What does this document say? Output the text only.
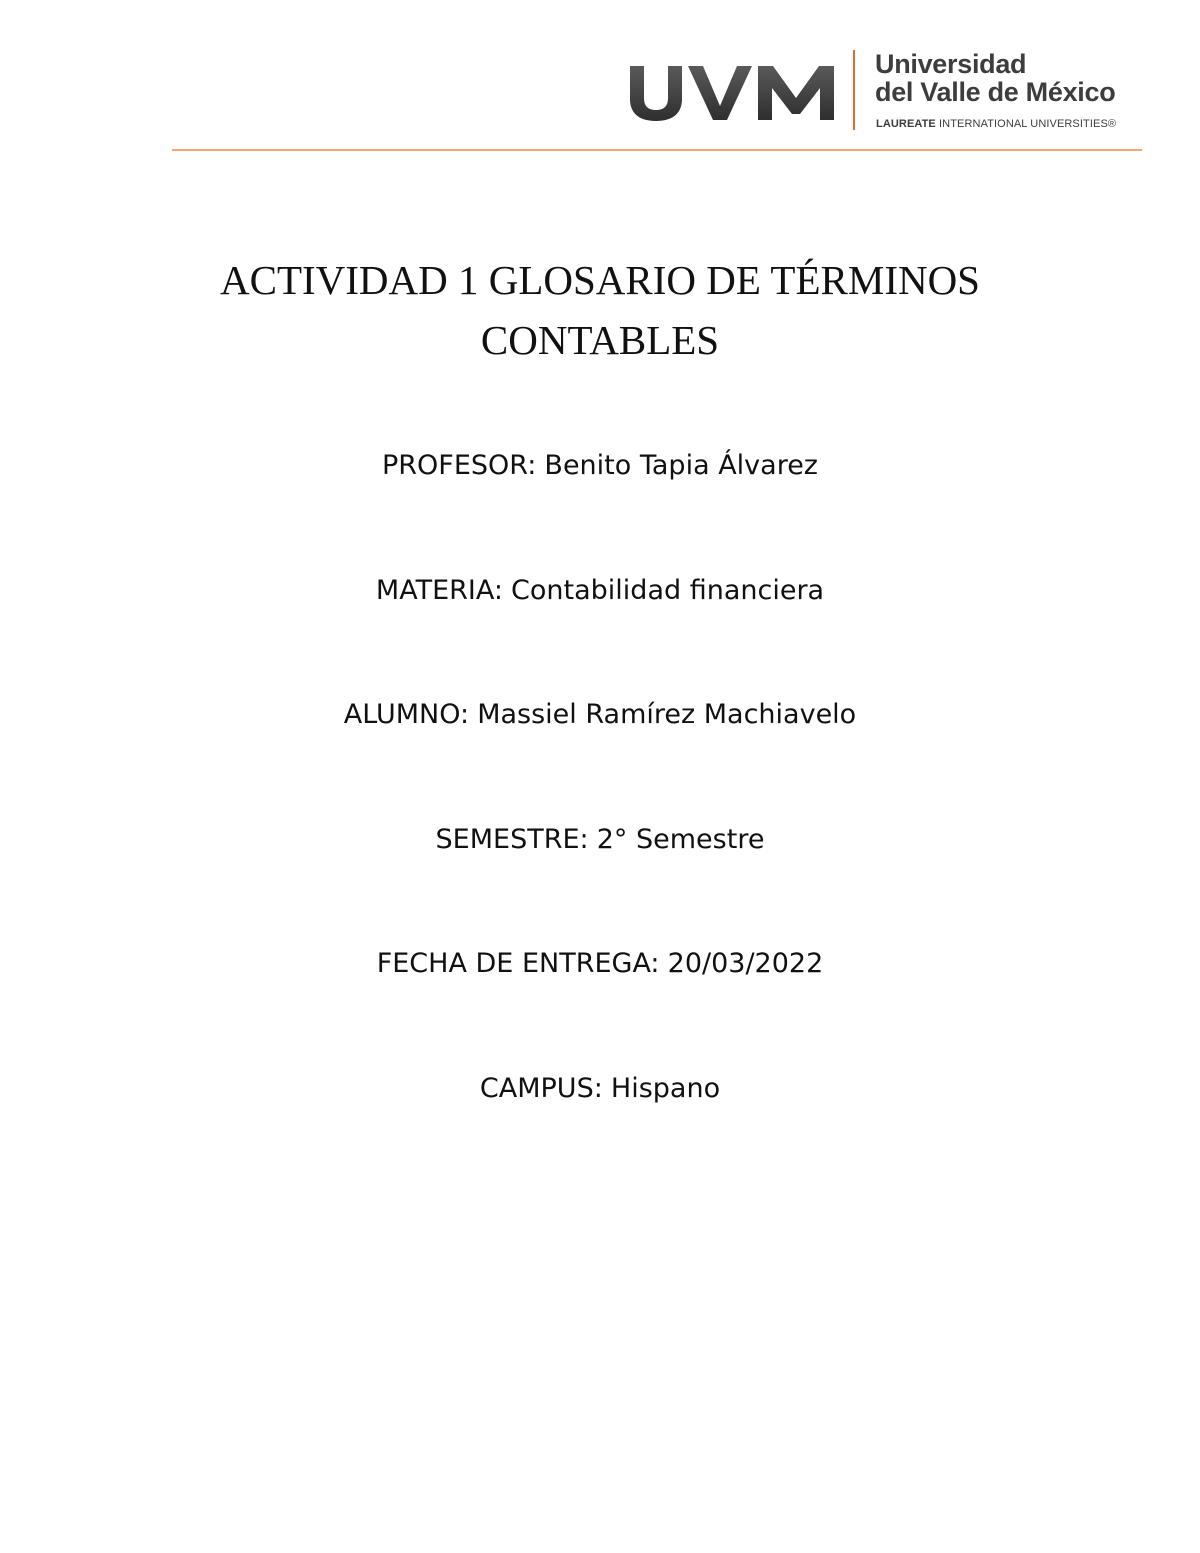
Universidad
del Valle de México
LAUREATE INTERNATIONAL UNIVERSITIES®
ACTIVIDAD 1 GLOSARIO DE TÉRMINOS
CONTABLES
PROFESOR: Benito Tapia Álvarez
MATERIA: Contabilidad financiera
ALUMNO: Massiel Ramírez Machiavelo
SEMESTRE: 2° Semestre
FECHA DE ENTREGA: 20/03/2022
CAMPUS: Hispano
